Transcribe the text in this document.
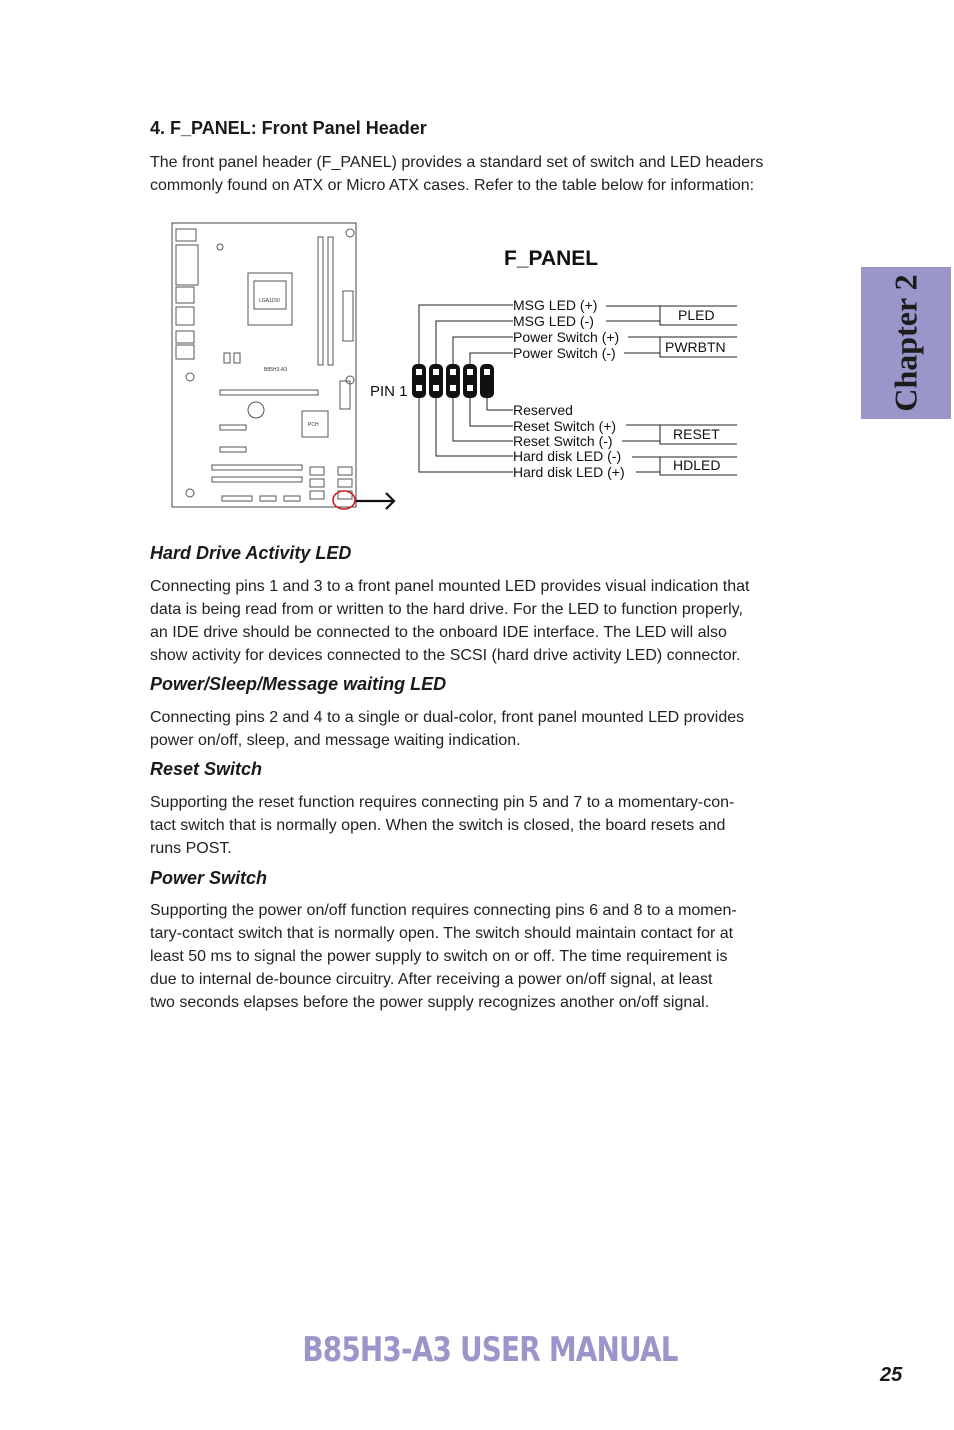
4. F_PANEL: Front Panel Header
The front panel header (F_PANEL) provides a standard set of switch and LED headers
commonly found on ATX or Micro ATX cases. Refer to the table below for information:
Chapter 2
LGA1150
B85H3-A3
PCH
F_PANEL
PIN 1
MSG LED (+)
MSG LED (-)
Power Switch (+)
Power Switch (-)
Reserved
Reset Switch (+)
Reset Switch (-)
Hard disk LED (-)
Hard disk LED (+)
PLED
PWRBTN
RESET
HDLED
Hard Drive Activity LED
Connecting pins 1 and 3 to a front panel mounted LED provides visual indication that
data is being read from or written to the hard drive. For the LED to function properly,
an IDE drive should be connected to the onboard IDE interface. The LED will also
show activity for devices connected to the SCSI (hard drive activity LED) connector.
Power/Sleep/Message waiting LED
Connecting pins 2 and 4 to a single or dual-color, front panel mounted LED provides
power on/off, sleep, and message waiting indication.
Reset Switch
Supporting the reset function requires connecting pin 5 and 7 to a momentary-con-
tact switch that is normally open. When the switch is closed, the board resets and
runs POST.
Power Switch
Supporting the power on/off function requires connecting pins 6 and 8 to a momen-
tary-contact switch that is normally open. The switch should maintain contact for at
least 50 ms to signal the power supply to switch on or off. The time requirement is
due to internal de-bounce circuitry. After receiving a power on/off signal, at least
two seconds elapses before the power supply recognizes another on/off signal.
B85H3-A3 USER MANUAL
25
